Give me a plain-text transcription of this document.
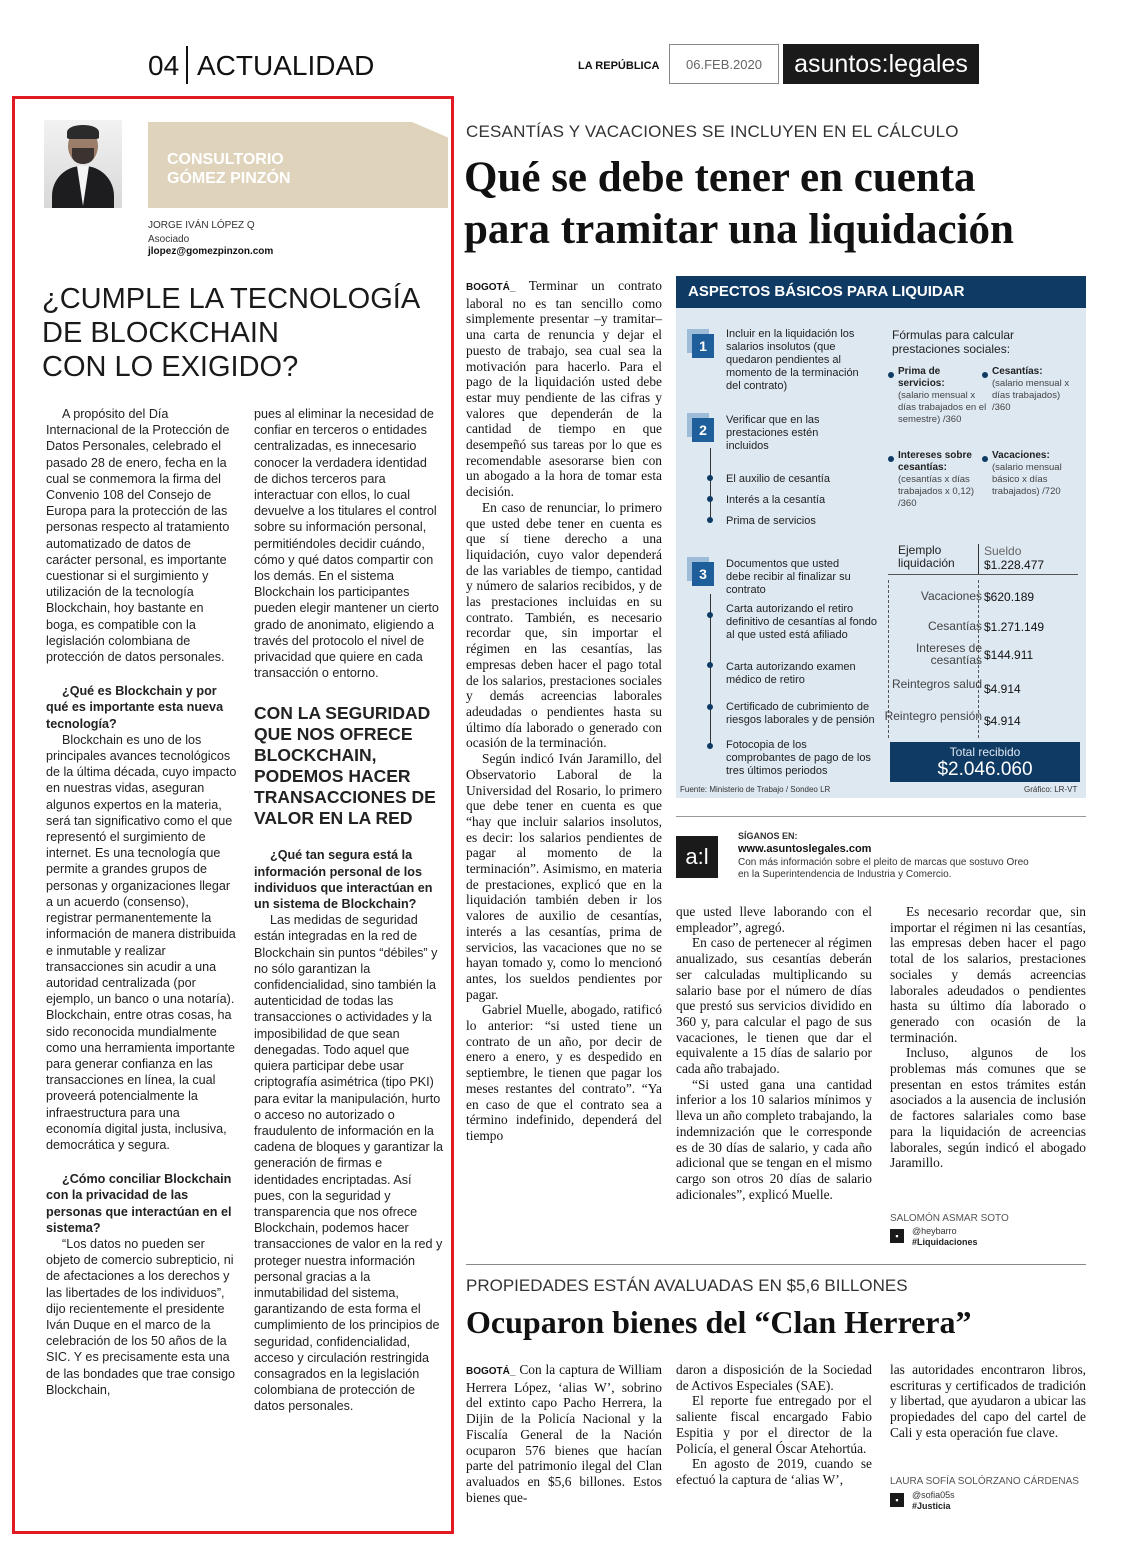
04 ACTUALIDAD	LA REPÚBLICA	06.FEB.2020	asuntos:legales
CONSULTORIO
GÓMEZ PINZÓN
JORGE IVÁN LÓPEZ Q
Asociado
jlopez@gomezpinzon.com
¿CUMPLE LA TECNOLOGÍA
DE BLOCKCHAIN
CON LO EXIGIDO?

A propósito del Día Internacional de la Protección de Datos Personales, celebrado el pasado 28 de enero, fecha en la cual se conmemora la firma del Convenio 108 del Consejo de Europa para la protección de las personas respecto al tratamiento automatizado de datos de carácter personal, es importante cuestionar si el surgimiento y utilización de la tecnología Blockchain, hoy bastante en boga, es compatible con la legislación colombiana de protección de datos personales.

¿Qué es Blockchain y por qué es importante esta nueva tecnología?

Blockchain es uno de los principales avances tecnológicos de la última década, cuyo impacto en nuestras vidas, aseguran algunos expertos en la materia, será tan significativo como el que representó el surgimiento de internet. Es una tecnología que permite a grandes grupos de personas y organizaciones llegar a un acuerdo (consenso), registrar permanentemente la información de manera distribuida e inmutable y realizar transacciones sin acudir a una autoridad centralizada (por ejemplo, un banco o una notaría). Blockchain, entre otras cosas, ha sido reconocida mundialmente como una herramienta importante para generar confianza en las transacciones en línea, la cual proveerá potencialmente la infraestructura para una economía digital justa, inclusiva, democrática y segura.

¿Cómo conciliar Blockchain con la privacidad de las personas que interactúan en el sistema?

“Los datos no pueden ser objeto de comercio subrepticio, ni de afectaciones a los derechos y las libertades de los individuos”, dijo recientemente el presidente Iván Duque en el marco de la celebración de los 50 años de la SIC. Y es precisamente esta una de las bondades que trae consigo Blockchain,

pues al eliminar la necesidad de confiar en terceros o entidades centralizadas, es innecesario conocer la verdadera identidad de dichos terceros para interactuar con ellos, lo cual devuelve a los titulares el control sobre su información personal, permitiéndoles decidir cuándo, cómo y qué datos compartir con los demás. En el sistema Blockchain los participantes pueden elegir mantener un cierto grado de anonimato, eligiendo a través del protocolo el nivel de privacidad que quiere en cada transacción o entorno.

CON LA SEGURIDAD QUE NOS OFRECE BLOCKCHAIN, PODEMOS HACER TRANSACCIONES DE VALOR EN LA RED
¿Qué tan segura está la información personal de los individuos que interactúan en un sistema de Blockchain?

Las medidas de seguridad están integradas en la red de Blockchain sin puntos “débiles” y no sólo garantizan la confidencialidad, sino también la autenticidad de todas las transacciones o actividades y la imposibilidad de que sean denegadas. Todo aquel que quiera participar debe usar criptografía asimétrica (tipo PKI) para evitar la manipulación, hurto o acceso no autorizado o fraudulento de información en la cadena de bloques y garantizar la generación de firmas e identidades encriptadas. Así pues, con la seguridad y transparencia que nos ofrece Blockchain, podemos hacer transacciones de valor en la red y proteger nuestra información personal gracias a la inmutabilidad del sistema, garantizando de esta forma el cumplimiento de los principios de seguridad, confidencialidad, acceso y circulación restringida consagrados en la legislación colombiana de protección de datos personales.

CESANTÍAS Y VACACIONES SE INCLUYEN EN EL CÁLCULO
Qué se debe tener en cuenta
para tramitar una liquidación

BOGOTÁ_ Terminar un contrato laboral no es tan sencillo como simplemente presentar –y tramitar– una carta de renuncia y dejar el puesto de trabajo, sea cual sea la motivación para hacerlo. Para el pago de la liquidación usted debe estar muy pendiente de las cifras y valores que dependerán de la cantidad de tiempo en que desempeñó sus tareas por lo que es recomendable asesorarse bien con un abogado a la hora de tomar esta decisión.

En caso de renunciar, lo primero que usted debe tener en cuenta es que sí tiene derecho a una liquidación, cuyo valor dependerá de las variables de tiempo, cantidad y número de salarios recibidos, y de las prestaciones incluidas en su contrato. También, es necesario recordar que, sin importar el régimen en las cesantías, las empresas deben hacer el pago total de los salarios, prestaciones sociales y demás acreencias laborales adeudadas o pendientes hasta su último día laborado o generado con ocasión de la terminación.

Según indicó Iván Jaramillo, del Observatorio Laboral de la Universidad del Rosario, lo primero que debe tener en cuenta es que “hay que incluir salarios insolutos, es decir: los salarios pendientes de pagar al momento de la terminación”. Asimismo, en materia de prestaciones, explicó que en la liquidación también deben ir los valores de auxilio de cesantías, interés a las cesantías, prima de servicios, las vacaciones que no se hayan tomado y, como lo mencionó antes, los sueldos pendientes por pagar.

Gabriel Muelle, abogado, ratificó lo anterior: “si usted tiene un contrato de un año, por decir de enero a enero, y es despedido en septiembre, le tienen que pagar los meses restantes del contrato”. “Ya en caso de que el contrato sea a término indefinido, dependerá del tiempo

ASPECTOS BÁSICOS PARA LIQUIDAR
1
Incluir en la liquidación los salarios insolutos (que quedaron pendientes al momento de la terminación del contrato)
2
Verificar que en las prestaciones estén incluidos
El auxilio de cesantía
Interés a la cesantía
Prima de servicios
3
Documentos que usted debe recibir al finalizar su contrato
Carta autorizando el retiro definitivo de cesantías al fondo al que usted está afiliado
Carta autorizando examen médico de retiro
Certificado de cubrimiento de riesgos laborales y de pensión
Fotocopia de los comprobantes de pago de los tres últimos periodos
Fórmulas para calcular prestaciones sociales:
Prima de servicios:
(salario mensual x días trabajados en el semestre) /360
Cesantías:
(salario mensual x días trabajados) /360
Intereses sobre cesantías:
(cesantías x días trabajados x 0,12) /360
Vacaciones:
(salario mensual básico x días trabajados) /720
Ejemplo liquidación
Sueldo
$1.228.477
Vacaciones $620.189
Cesantías $1.271.149
Intereses de cesantías $144.911
Reintegros salud $4.914
Reintegro pensión $4.914
Total recibido
$2.046.060
Fuente: Ministerio de Trabajo / Sondeo LR	Gráfico: LR-VT
a:l
SÍGANOS EN:
www.asuntoslegales.com
Con más información sobre el pleito de marcas que sostuvo Oreo en la Superintendencia de Industria y Comercio.

que usted lleve laborando con el empleador”, agregó.

En caso de pertenecer al régimen anualizado, sus cesantías deberán ser calculadas multiplicando su salario base por el número de días que prestó sus servicios dividido en 360 y, para calcular el pago de sus vacaciones, le tienen que dar el equivalente a 15 días de salario por cada año trabajado.

“Si usted gana una cantidad inferior a los 10 salarios mínimos y lleva un año completo trabajando, la indemnización que le corresponde es de 30 días de salario, y cada año adicional que se tengan en el mismo cargo son otros 20 días de salario adicionales”, explicó Muelle.

Es necesario recordar que, sin importar el régimen ni las cesantías, las empresas deben hacer el pago total de los salarios, prestaciones sociales y demás acreencias laborales adeudados o pendientes hasta su último día laborado o generado con ocasión de la terminación.

Incluso, algunos de los problemas más comunes que se presentan en estos trámites están asociados a la ausencia de inclusión de factores salariales como base para la liquidación de acreencias laborales, según indicó el abogado Jaramillo.

SALOMÓN ASMAR SOTO
▪	@heybarro
#Liquidaciones
PROPIEDADES ESTÁN AVALUADAS EN $5,6 BILLONES
Ocuparon bienes del “Clan Herrera”

BOGOTÁ_ Con la captura de William Herrera López, ‘alias W’, sobrino del extinto capo Pacho Herrera, la Dijin de la Policía Nacional y la Fiscalía General de la Nación ocuparon 576 bienes que hacían parte del patrimonio ilegal del Clan avaluados en $5,6 billones. Estos bienes que-

daron a disposición de la Sociedad de Activos Especiales (SAE).

El reporte fue entregado por el saliente fiscal encargado Fabio Espitia y por el director de la Policía, el general Óscar Atehortúa.

En agosto de 2019, cuando se efectuó la captura de ‘alias W’,

las autoridades encontraron libros, escrituras y certificados de tradición y libertad, que ayudaron a ubicar las propiedades del capo del cartel de Cali y esta operación fue clave.

LAURA SOFÍA SOLÓRZANO CÁRDENAS
▪	@sofia05s
#Justicia
